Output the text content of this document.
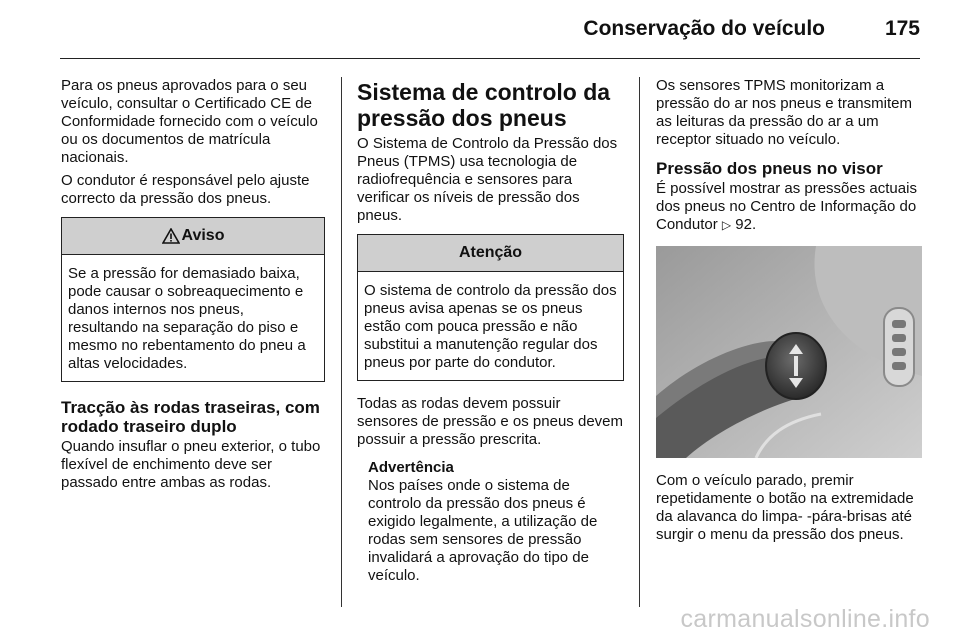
Conservação do veículo	175

Para os pneus aprovados para o seu veículo, consultar o Certificado CE de Conformidade fornecido com o veículo ou os documentos de matrícula nacionais.

O condutor é responsável pelo ajuste correcto da pressão dos pneus.

Aviso
Se a pressão for demasiado baixa, pode causar o sobreaquecimento e danos internos nos pneus, resultando na separação do piso e mesmo no rebentamento do pneu a altas velocidades.
Tracção às rodas traseiras, com rodado traseiro duplo

Quando insuflar o pneu exterior, o tubo flexível de enchimento deve ser passado entre ambas as rodas.

Sistema de controlo da pressão dos pneus

O Sistema de Controlo da Pressão dos Pneus (TPMS) usa tecnologia de radiofrequência e sensores para verificar os níveis de pressão dos pneus.

Atenção
O sistema de controlo da pressão dos pneus avisa apenas se os pneus estão com pouca pressão e não substitui a manutenção regular dos pneus por parte do condutor.

Todas as rodas devem possuir sensores de pressão e os pneus devem possuir a pressão prescrita.

Advertência

Nos países onde o sistema de controlo da pressão dos pneus é exigido legalmente, a utilização de rodas sem sensores de pressão invalidará a aprovação do tipo de veículo.

Os sensores TPMS monitorizam a pressão do ar nos pneus e transmitem as leituras da pressão do ar a um receptor situado no veículo.

Pressão dos pneus no visor

É possível mostrar as pressões actuais dos pneus no Centro de Informação do Condutor ▷ 92.

Com o veículo parado, premir repetidamente o botão na extremidade da alavanca do limpa- -pára-brisas até surgir o menu da pressão dos pneus.

carmanualsonline.info
